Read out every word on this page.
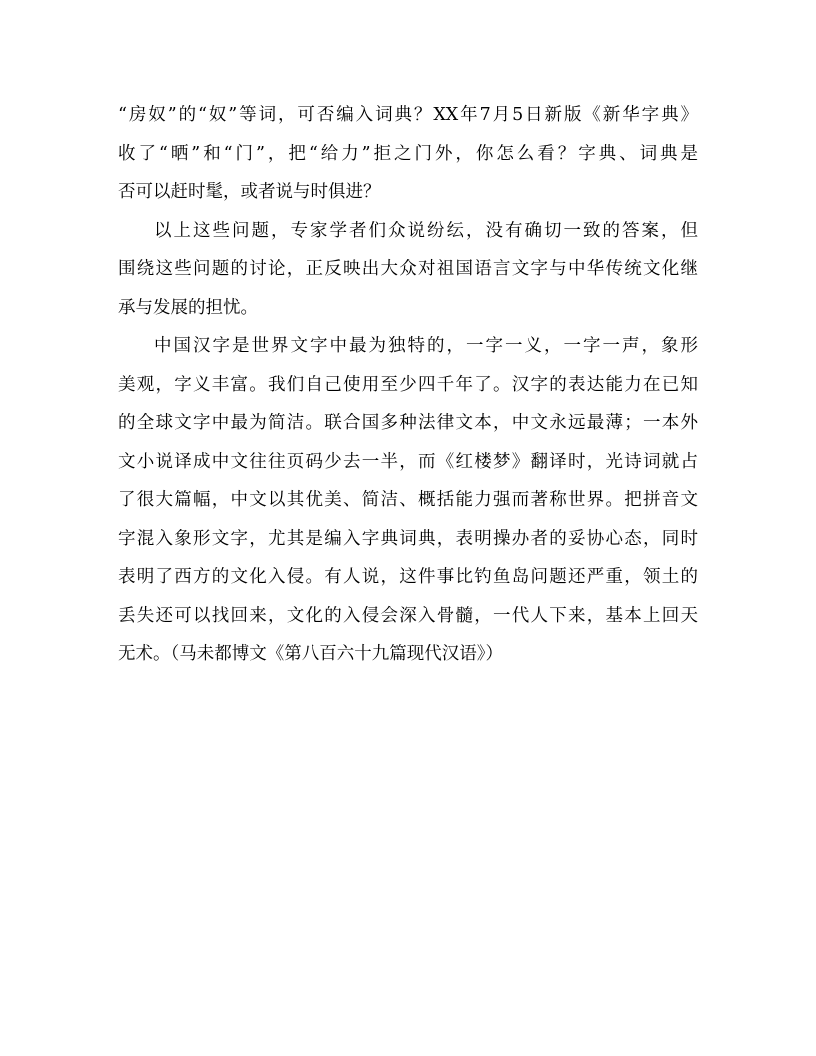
“房奴”的“奴”等词，可否编入词典？XX年7月5日新版《新华字典》
收了“晒”和“门”，把“给力”拒之门外，你怎么看？字典、词典是
否可以赶时髦，或者说与时俱进？
以上这些问题，专家学者们众说纷纭，没有确切一致的答案，但
围绕这些问题的讨论，正反映出大众对祖国语言文字与中华传统文化继
承与发展的担忧。
中国汉字是世界文字中最为独特的，一字一义，一字一声，象形
美观，字义丰富。我们自己使用至少四千年了。汉字的表达能力在已知
的全球文字中最为简洁。联合国多种法律文本，中文永远最薄；一本外
文小说译成中文往往页码少去一半，而《红楼梦》翻译时，光诗词就占
了很大篇幅，中文以其优美、简洁、概括能力强而著称世界。把拼音文
字混入象形文字，尤其是编入字典词典，表明操办者的妥协心态，同时
表明了西方的文化入侵。有人说，这件事比钓鱼岛问题还严重，领土的
丢失还可以找回来，文化的入侵会深入骨髓，一代人下来，基本上回天
无术。（马未都博文《第八百六十九篇现代汉语》）
